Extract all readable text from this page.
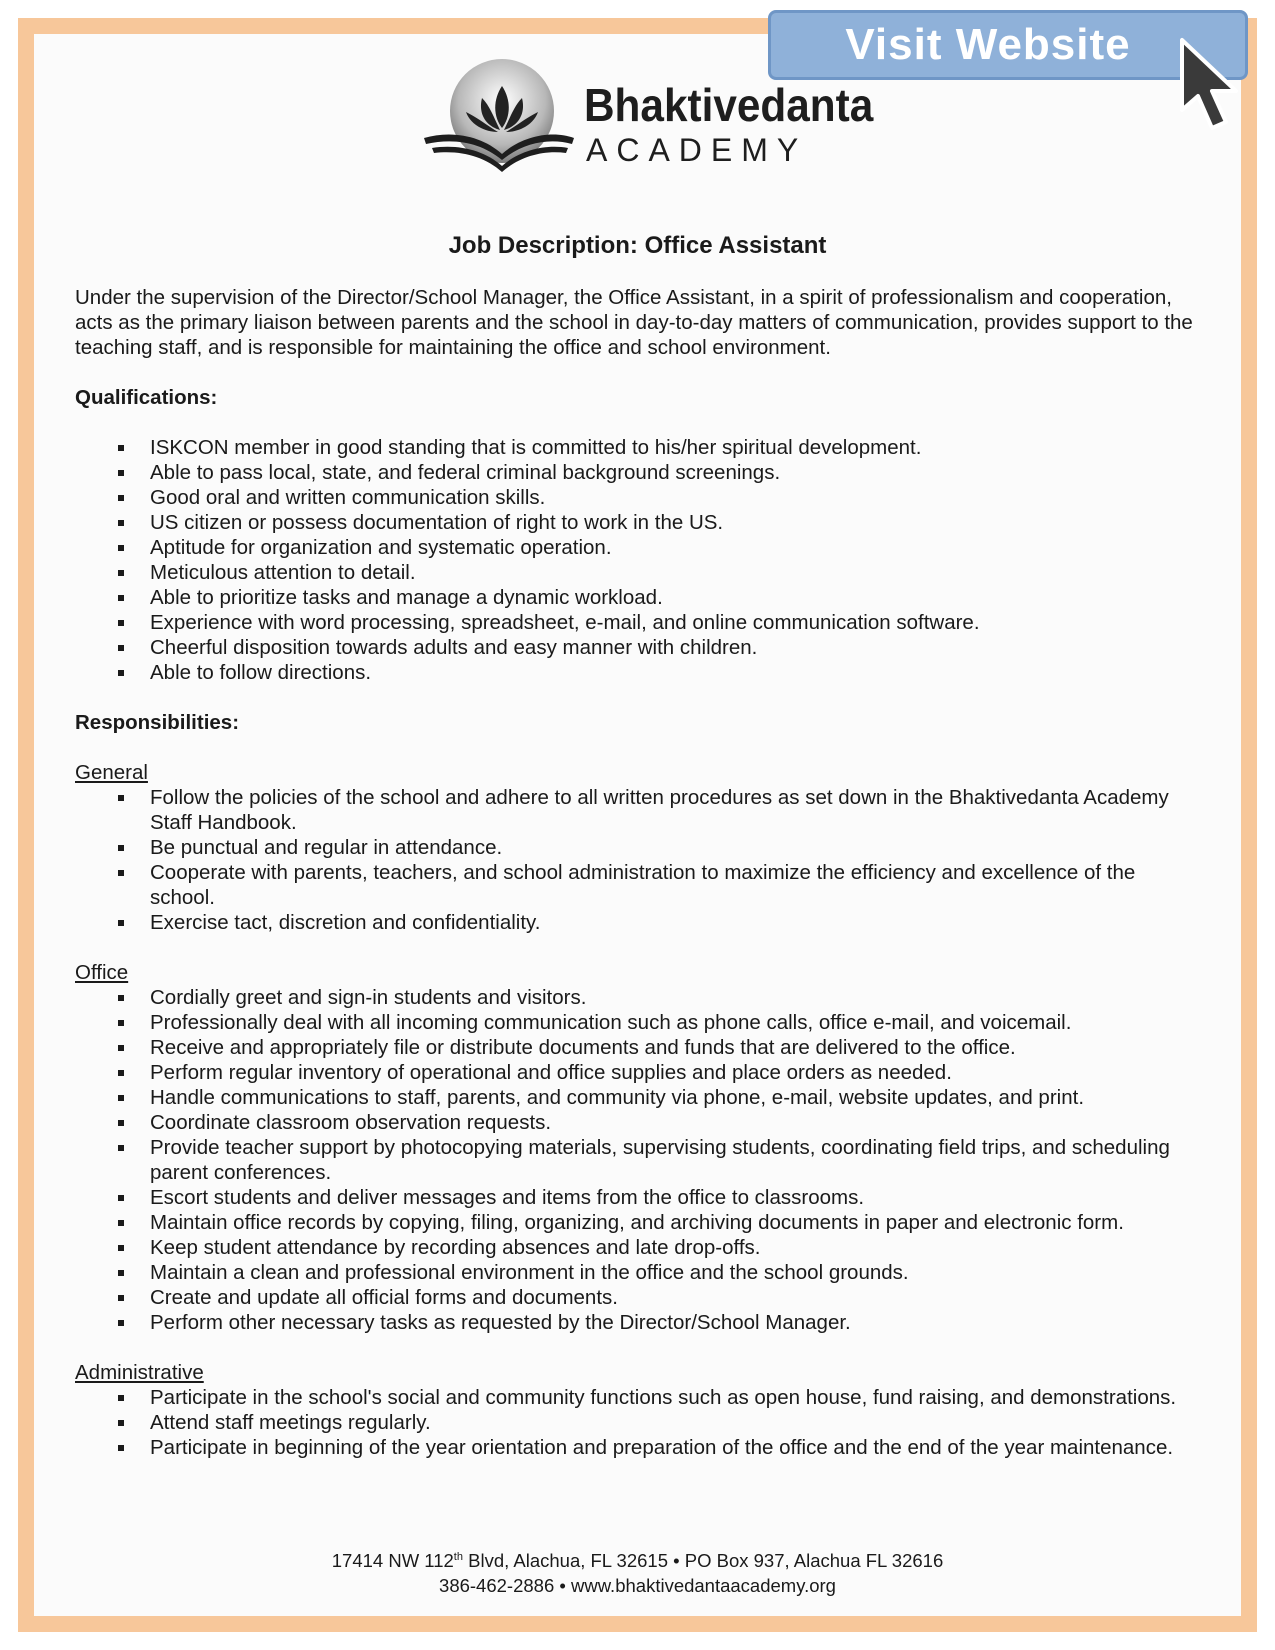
Visit Website
Bhaktivedanta
ACADEMY
Job Description: Office Assistant

Under the supervision of the Director/School Manager, the Office Assistant, in a spirit of professionalism and cooperation, acts as the primary liaison between parents and the school in day-to-day matters of communication, provides support to the teaching staff, and is responsible for maintaining the office and school environment.

Qualifications:
ISKCON member in good standing that is committed to his/her spiritual development.
Able to pass local, state, and federal criminal background screenings.
Good oral and written communication skills.
US citizen or possess documentation of right to work in the US.
Aptitude for organization and systematic operation.
Meticulous attention to detail.
Able to prioritize tasks and manage a dynamic workload.
Experience with word processing, spreadsheet, e-mail, and online communication software.
Cheerful disposition towards adults and easy manner with children.
Able to follow directions.
Responsibilities:
General
Follow the policies of the school and adhere to all written procedures as set down in the Bhaktivedanta Academy Staff Handbook.
Be punctual and regular in attendance.
Cooperate with parents, teachers, and school administration to maximize the efficiency and excellence of the school.
Exercise tact, discretion and confidentiality.
Office
Cordially greet and sign-in students and visitors.
Professionally deal with all incoming communication such as phone calls, office e-mail, and voicemail.
Receive and appropriately file or distribute documents and funds that are delivered to the office.
Perform regular inventory of operational and office supplies and place orders as needed.
Handle communications to staff, parents, and community via phone, e-mail, website updates, and print.
Coordinate classroom observation requests.
Provide teacher support by photocopying materials, supervising students, coordinating field trips, and scheduling parent conferences.
Escort students and deliver messages and items from the office to classrooms.
Maintain office records by copying, filing, organizing, and archiving documents in paper and electronic form.
Keep student attendance by recording absences and late drop-offs.
Maintain a clean and professional environment in the office and the school grounds.
Create and update all official forms and documents.
Perform other necessary tasks as requested by the Director/School Manager.
Administrative
Participate in the school's social and community functions such as open house, fund raising, and demonstrations.
Attend staff meetings regularly.
Participate in beginning of the year orientation and preparation of the office and the end of the year maintenance.
17414 NW 112th Blvd, Alachua, FL 32615 • PO Box 937, Alachua FL 32616
386-462-2886 • www.bhaktivedantaacademy.org
